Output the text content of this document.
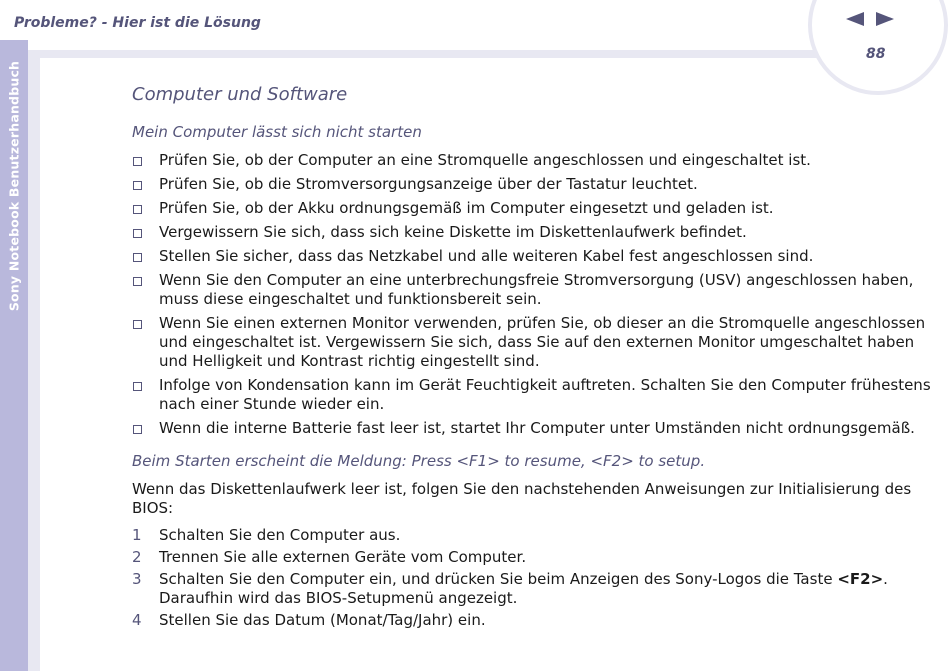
Probleme? - Hier ist die Lösung
Sony Notebook Benutzerhandbuch
88
Computer und Software
Mein Computer lässt sich nicht starten
Prüfen Sie, ob der Computer an eine Stromquelle angeschlossen und eingeschaltet ist.
Prüfen Sie, ob die Stromversorgungsanzeige über der Tastatur leuchtet.
Prüfen Sie, ob der Akku ordnungsgemäß im Computer eingesetzt und geladen ist.
Vergewissern Sie sich, dass sich keine Diskette im Diskettenlaufwerk befindet.
Stellen Sie sicher, dass das Netzkabel und alle weiteren Kabel fest angeschlossen sind.
Wenn Sie den Computer an eine unterbrechungsfreie Stromversorgung (USV) angeschlossen haben, muss diese eingeschaltet und funktionsbereit sein.
Wenn Sie einen externen Monitor verwenden, prüfen Sie, ob dieser an die Stromquelle angeschlossen und eingeschaltet ist. Vergewissern Sie sich, dass Sie auf den externen Monitor umgeschaltet haben und Helligkeit und Kontrast richtig eingestellt sind.
Infolge von Kondensation kann im Gerät Feuchtigkeit auftreten. Schalten Sie den Computer frühestens nach einer Stunde wieder ein.
Wenn die interne Batterie fast leer ist, startet Ihr Computer unter Umständen nicht ordnungsgemäß.
Beim Starten erscheint die Meldung: Press <F1> to resume, <F2> to setup.

Wenn das Diskettenlaufwerk leer ist, folgen Sie den nachstehenden Anweisungen zur Initialisierung des BIOS:

1 Schalten Sie den Computer aus.
2 Trennen Sie alle externen Geräte vom Computer.
3 Schalten Sie den Computer ein, und drücken Sie beim Anzeigen des Sony-Logos die Taste <F2>. Daraufhin wird das BIOS-Setupmenü angezeigt.
4 Stellen Sie das Datum (Monat/Tag/Jahr) ein.
